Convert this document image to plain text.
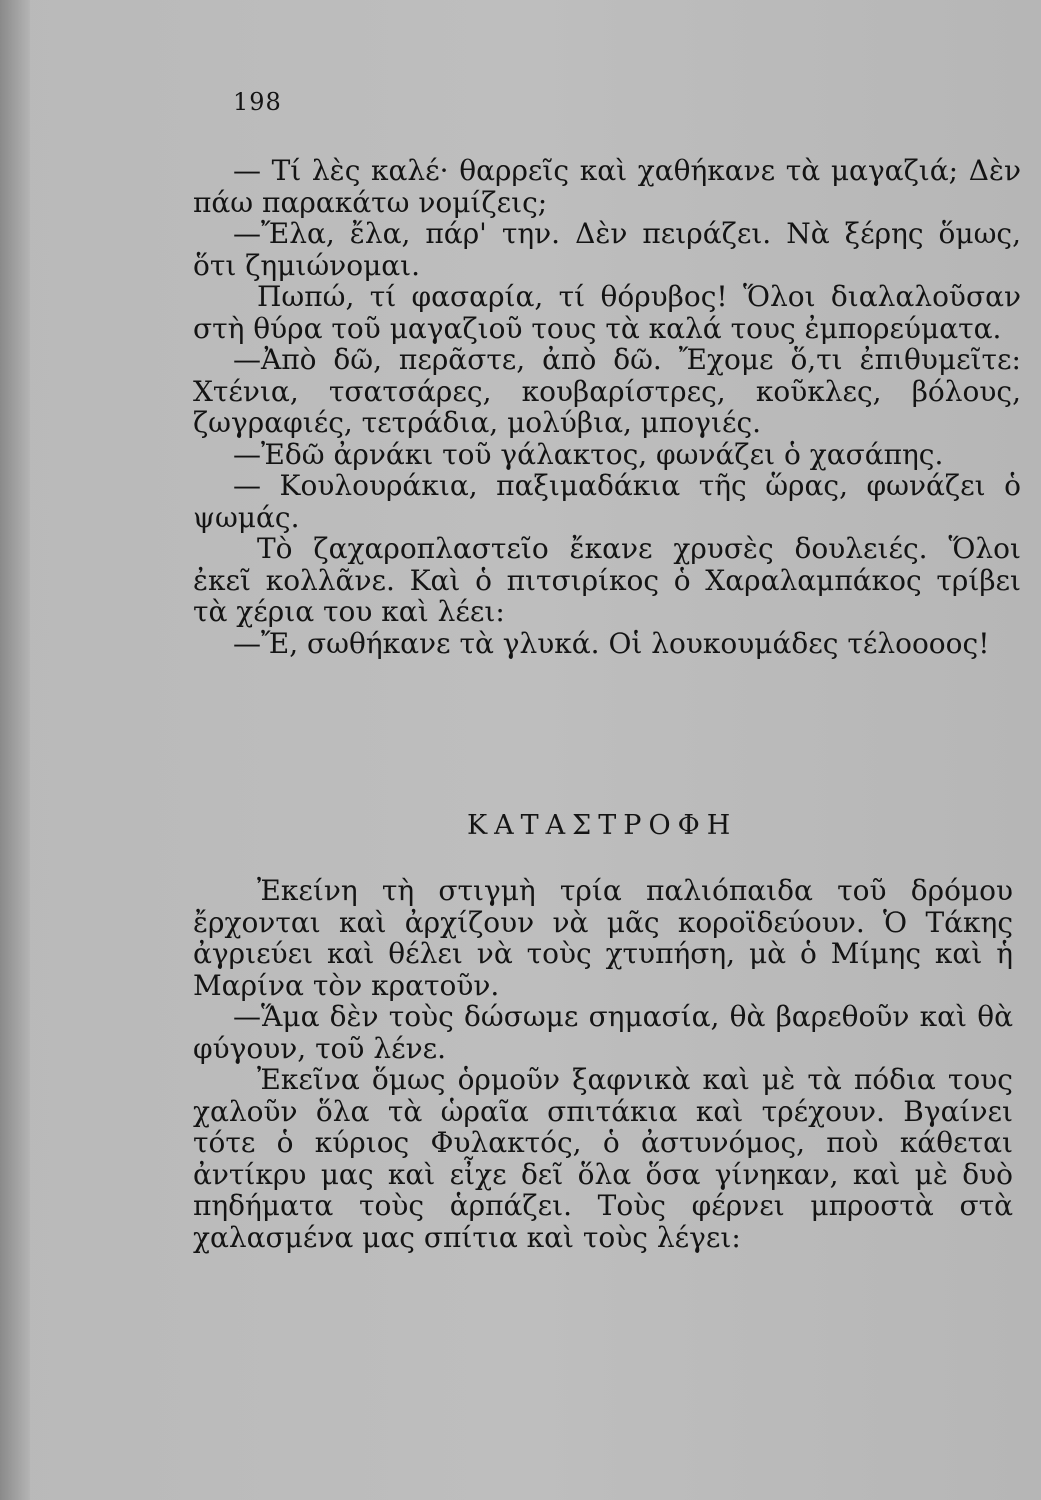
198

— Τί λὲς καλέ· θαρρεῖς καὶ χαθήκανε τὰ μαγαζιά; Δὲν πάω παρακάτω νομίζεις;

—Ἔλα, ἔλα, πάρ' την. Δὲν πειράζει. Νὰ ξέρης ὅμως, ὅτι ζημιώνομαι.

Πωπώ, τί φασαρία, τί θόρυβος! Ὅλοι διαλαλοῦσαν στὴ θύρα τοῦ μαγαζιοῦ τους τὰ καλά τους ἐμπορεύματα.

—Ἀπὸ δῶ, περᾶστε, ἀπὸ δῶ. Ἔχομε ὅ,τι ἐπιθυμεῖτε: Χτένια, τσατσάρες, κουβαρίστρες, κοῦκλες, βόλους, ζωγραφιές, τετράδια, μολύβια, μπογιές.

—Ἐδῶ ἀρνάκι τοῦ γάλακτος, φωνάζει ὁ χασάπης.

— Κουλουράκια, παξιμαδάκια τῆς ὥρας, φωνάζει ὁ ψωμάς.

Τὸ ζαχαροπλαστεῖο ἔκανε χρυσὲς δουλειές. Ὅλοι ἐκεῖ κολλᾶνε. Καὶ ὁ πιτσιρίκος ὁ Χαραλαμπάκος τρίβει τὰ χέρια του καὶ λέει:

—Ἔ, σωθήκανε τὰ γλυκά. Οἱ λουκουμάδες τέλοοοος!

ΚΑΤΑΣΤΡΟΦΗ

Ἐκείνη τὴ στιγμὴ τρία παλιόπαιδα τοῦ δρόμου ἔρχονται καὶ ἀρχίζουν νὰ μᾶς κοροϊδεύουν. Ὁ Τάκης ἀγριεύει καὶ θέλει νὰ τοὺς χτυπήση, μὰ ὁ Μίμης καὶ ἡ Μαρίνα τὸν κρατοῦν.

—Ἅμα δὲν τοὺς δώσωμε σημασία, θὰ βαρεθοῦν καὶ θὰ φύγουν, τοῦ λένε.

Ἐκεῖνα ὅμως ὁρμοῦν ξαφνικὰ καὶ μὲ τὰ πόδια τους χαλοῦν ὅλα τὰ ὡραῖα σπιτάκια καὶ τρέχουν. Βγαίνει τότε ὁ κύριος Φυλακτός, ὁ ἀστυνόμος, ποὺ κάθεται ἀντίκρυ μας καὶ εἶχε δεῖ ὅλα ὅσα γίνηκαν, καὶ μὲ δυὸ πηδήματα τοὺς ἁρπάζει. Τοὺς φέρνει μπροστὰ στὰ χαλασμένα μας σπίτια καὶ τοὺς λέγει:
